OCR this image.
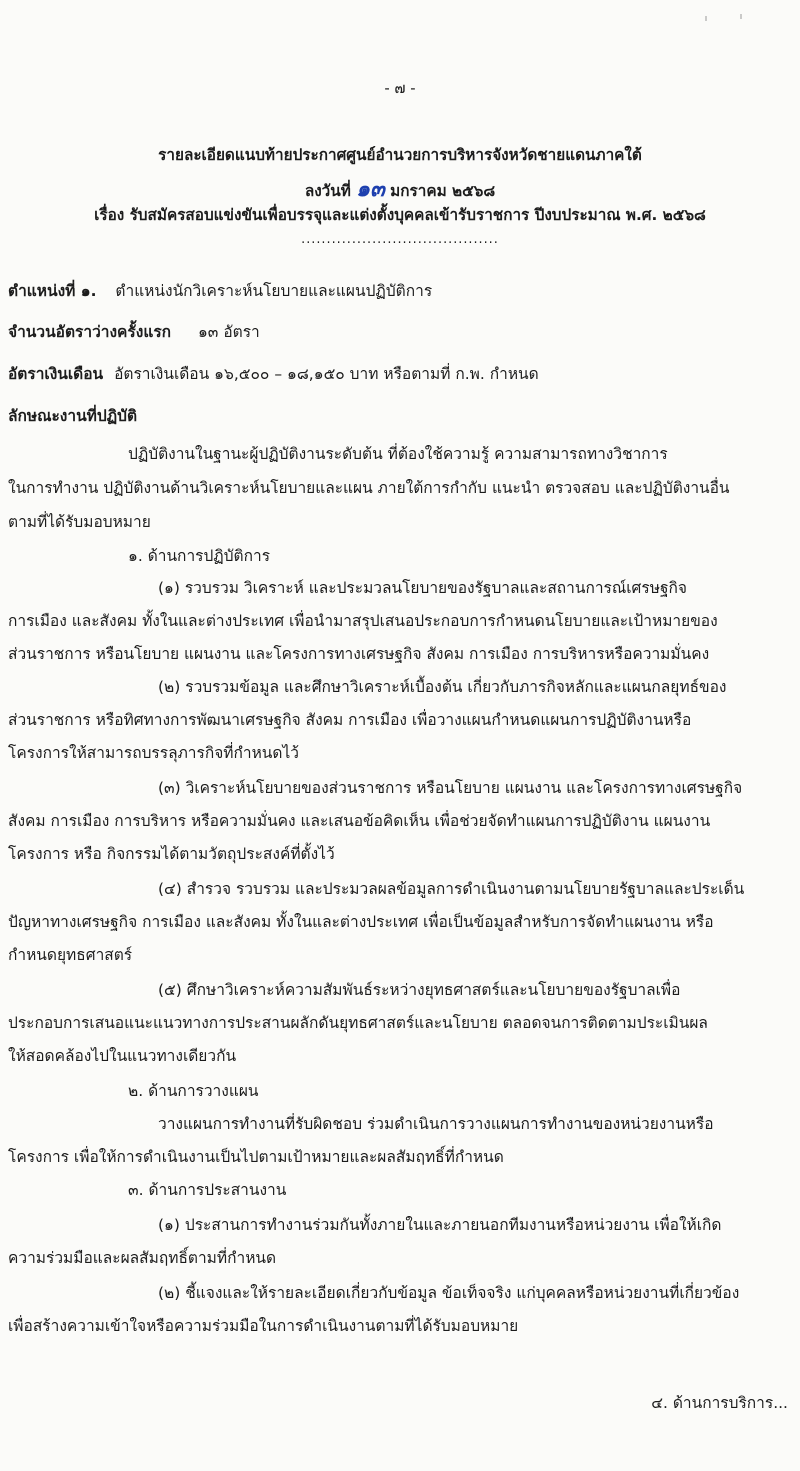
- ๗ -
รายละเอียดแนบท้ายประกาศศูนย์อำนวยการบริหารจังหวัดชายแดนภาคใต้
ลงวันที่ ๑๓ มกราคม ๒๕๖๘
เรื่อง รับสมัครสอบแข่งขันเพื่อบรรจุและแต่งตั้งบุคคลเข้ารับราชการ ปีงบประมาณ พ.ศ. ๒๕๖๘
.......................................
ตำแหน่งที่ ๑. ตำแหน่งนักวิเคราะห์นโยบายและแผนปฏิบัติการ
จำนวนอัตราว่างครั้งแรก ๑๓ อัตรา
อัตราเงินเดือน อัตราเงินเดือน ๑๖,๕๐๐ – ๑๘,๑๕๐ บาท หรือตามที่ ก.พ. กำหนด
ลักษณะงานที่ปฏิบัติ
ปฏิบัติงานในฐานะผู้ปฏิบัติงานระดับต้น ที่ต้องใช้ความรู้ ความสามารถทางวิชาการ
ในการทำงาน ปฏิบัติงานด้านวิเคราะห์นโยบายและแผน ภายใต้การกำกับ แนะนำ ตรวจสอบ และปฏิบัติงานอื่น
ตามที่ได้รับมอบหมาย
๑. ด้านการปฏิบัติการ
(๑) รวบรวม วิเคราะห์ และประมวลนโยบายของรัฐบาลและสถานการณ์เศรษฐกิจ
การเมือง และสังคม ทั้งในและต่างประเทศ เพื่อนำมาสรุปเสนอประกอบการกำหนดนโยบายและเป้าหมายของ
ส่วนราชการ หรือนโยบาย แผนงาน และโครงการทางเศรษฐกิจ สังคม การเมือง การบริหารหรือความมั่นคง
(๒) รวบรวมข้อมูล และศึกษาวิเคราะห์เบื้องต้น เกี่ยวกับภารกิจหลักและแผนกลยุทธ์ของ
ส่วนราชการ หรือทิศทางการพัฒนาเศรษฐกิจ สังคม การเมือง เพื่อวางแผนกำหนดแผนการปฏิบัติงานหรือ
โครงการให้สามารถบรรลุภารกิจที่กำหนดไว้
(๓) วิเคราะห์นโยบายของส่วนราชการ หรือนโยบาย แผนงาน และโครงการทางเศรษฐกิจ
สังคม การเมือง การบริหาร หรือความมั่นคง และเสนอข้อคิดเห็น เพื่อช่วยจัดทำแผนการปฏิบัติงาน แผนงาน
โครงการ หรือ กิจกรรมได้ตามวัตถุประสงค์ที่ตั้งไว้
(๔) สำรวจ รวบรวม และประมวลผลข้อมูลการดำเนินงานตามนโยบายรัฐบาลและประเด็น
ปัญหาทางเศรษฐกิจ การเมือง และสังคม ทั้งในและต่างประเทศ เพื่อเป็นข้อมูลสำหรับการจัดทำแผนงาน หรือ
กำหนดยุทธศาสตร์
(๕) ศึกษาวิเคราะห์ความสัมพันธ์ระหว่างยุทธศาสตร์และนโยบายของรัฐบาลเพื่อ
ประกอบการเสนอแนะแนวทางการประสานผลักดันยุทธศาสตร์และนโยบาย ตลอดจนการติดตามประเมินผล
ให้สอดคล้องไปในแนวทางเดียวกัน
๒. ด้านการวางแผน
วางแผนการทำงานที่รับผิดชอบ ร่วมดำเนินการวางแผนการทำงานของหน่วยงานหรือ
โครงการ เพื่อให้การดำเนินงานเป็นไปตามเป้าหมายและผลสัมฤทธิ์ที่กำหนด
๓. ด้านการประสานงาน
(๑) ประสานการทำงานร่วมกันทั้งภายในและภายนอกทีมงานหรือหน่วยงาน เพื่อให้เกิด
ความร่วมมือและผลสัมฤทธิ์ตามที่กำหนด
(๒) ชี้แจงและให้รายละเอียดเกี่ยวกับข้อมูล ข้อเท็จจริง แก่บุคคลหรือหน่วยงานที่เกี่ยวข้อง
เพื่อสร้างความเข้าใจหรือความร่วมมือในการดำเนินงานตามที่ได้รับมอบหมาย
๔. ด้านการบริการ...
